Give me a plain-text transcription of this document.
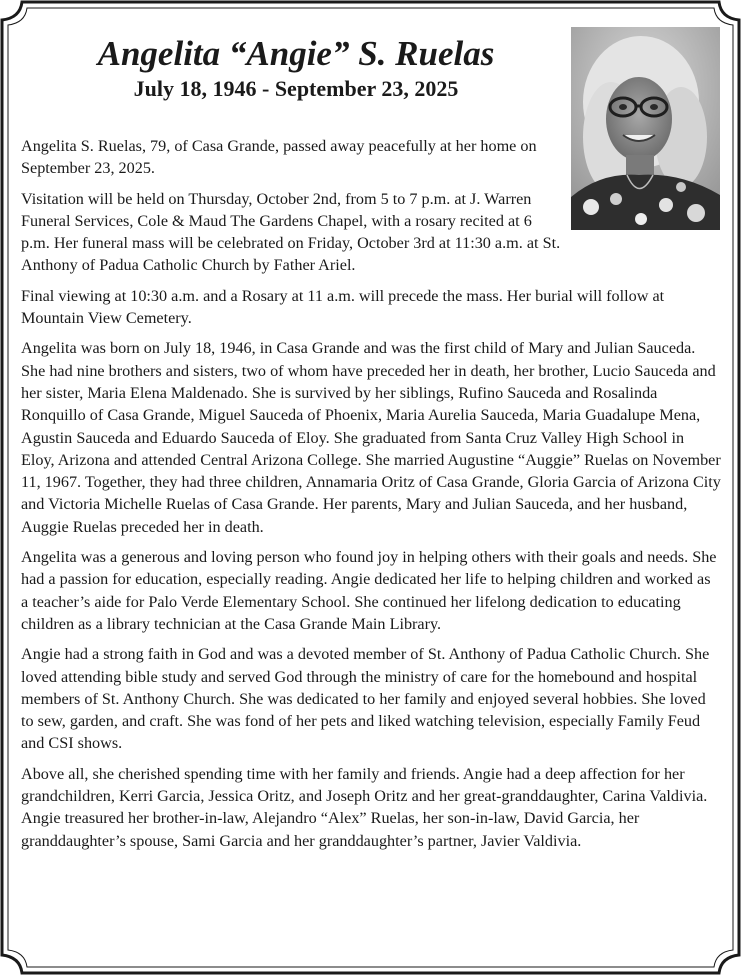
Angelita “Angie” S. Ruelas
July 18, 1946 - September 23, 2025

Angelita S. Ruelas, 79, of Casa Grande, passed away peacefully at her home on September 23, 2025.

Visitation will be held on Thursday, October 2nd, from 5 to 7 p.m. at J. Warren Funeral Services, Cole & Maud The Gardens Chapel, with a rosary recited at 6 p.m. Her funeral mass will be celebrated on Friday, October 3rd at 11:30 a.m. at St. Anthony of Padua Catholic Church by Father Ariel.

Final viewing at 10:30 a.m. and a Rosary at 11 a.m. will precede the mass. Her burial will follow at Mountain View Cemetery.

Angelita was born on July 18, 1946, in Casa Grande and was the first child of Mary and Julian Sauceda. She had nine brothers and sisters, two of whom have preceded her in death, her brother, Lucio Sauceda and her sister, Maria Elena Maldenado. She is survived by her siblings, Rufino Sauceda and Rosalinda Ronquillo of Casa Grande, Miguel Sauceda of Phoenix, Maria Aurelia Sauceda, Maria Guadalupe Mena, Agustin Sauceda and Eduardo Sauceda of Eloy. She graduated from Santa Cruz Valley High School in Eloy, Arizona and attended Central Arizona College. She married Augustine “Auggie” Ruelas on November 11, 1967. Together, they had three children, Annamaria Oritz of Casa Grande, Gloria Garcia of Arizona City and Victoria Michelle Ruelas of Casa Grande. Her parents, Mary and Julian Sauceda, and her husband, Auggie Ruelas preceded her in death.

Angelita was a generous and loving person who found joy in helping others with their goals and needs. She had a passion for education, especially reading. Angie dedicated her life to helping children and worked as a teacher’s aide for Palo Verde Elementary School. She continued her lifelong dedication to educating children as a library technician at the Casa Grande Main Library.

Angie had a strong faith in God and was a devoted member of St. Anthony of Padua Catholic Church. She loved attending bible study and served God through the ministry of care for the homebound and hospital members of St. Anthony Church. She was dedicated to her family and enjoyed several hobbies. She loved to sew, garden, and craft. She was fond of her pets and liked watching television, especially Family Feud and CSI shows.

Above all, she cherished spending time with her family and friends. Angie had a deep affection for her grandchildren, Kerri Garcia, Jessica Oritz, and Joseph Oritz and her great-granddaughter, Carina Valdivia. Angie treasured her brother-in-law, Alejandro “Alex” Ruelas, her son-in-law, David Garcia, her granddaughter’s spouse, Sami Garcia and her granddaughter’s partner, Javier Valdivia.
